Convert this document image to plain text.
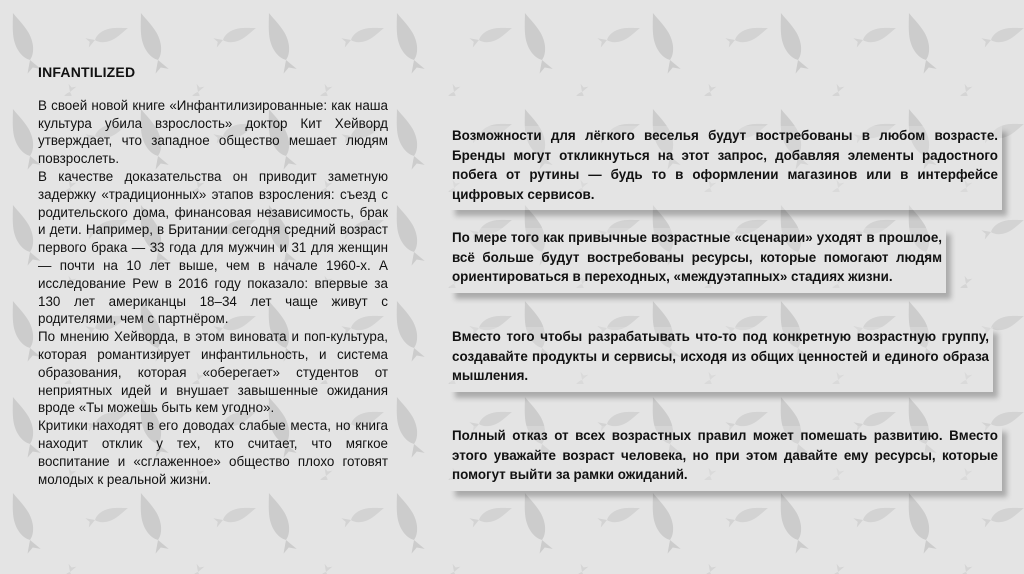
INFANTILIZED

В своей новой книге «Инфантилизированные: как наша культура убила взрослость» доктор Кит Хейворд утверждает, что западное общество мешает людям повзрослеть.

В качестве доказательства он приводит заметную задержку «традиционных» этапов взросления: съезд с родительского дома, финансовая независимость, брак и дети. Например, в Британии сегодня средний возраст первого брака — 33 года для мужчин и 31 для женщин — почти на 10 лет выше, чем в начале 1960-х. А исследование Pew в 2016 году показало: впервые за 130 лет американцы 18–34 лет чаще живут с родителями, чем с партнёром.

По мнению Хейворда, в этом виновата и поп-культура, которая романтизирует инфантильность, и система образования, которая «оберегает» студентов от неприятных идей и внушает завышенные ожидания вроде «Ты можешь быть кем угодно».

Критики находят в его доводах слабые места, но книга находит отклик у тех, кто считает, что мягкое воспитание и «сглаженное» общество плохо готовят молодых к реальной жизни.

Возможности для лёгкого веселья будут востребованы в любом возрасте. Бренды могут откликнуться на этот запрос, добавляя элементы радостного побега от рутины — будь то в оформлении магазинов или в интерфейсе цифровых сервисов.

По мере того как привычные возрастные «сценарии» уходят в прошлое, всё больше будут востребованы ресурсы, которые помогают людям ориентироваться в переходных, «междуэтапных» стадиях жизни.

Вместо того чтобы разрабатывать что-то под конкретную возрастную группу, создавайте продукты и сервисы, исходя из общих ценностей и единого образа мышления.

Полный отказ от всех возрастных правил может помешать развитию. Вместо этого уважайте возраст человека, но при этом давайте ему ресурсы, которые помогут выйти за рамки ожиданий.
